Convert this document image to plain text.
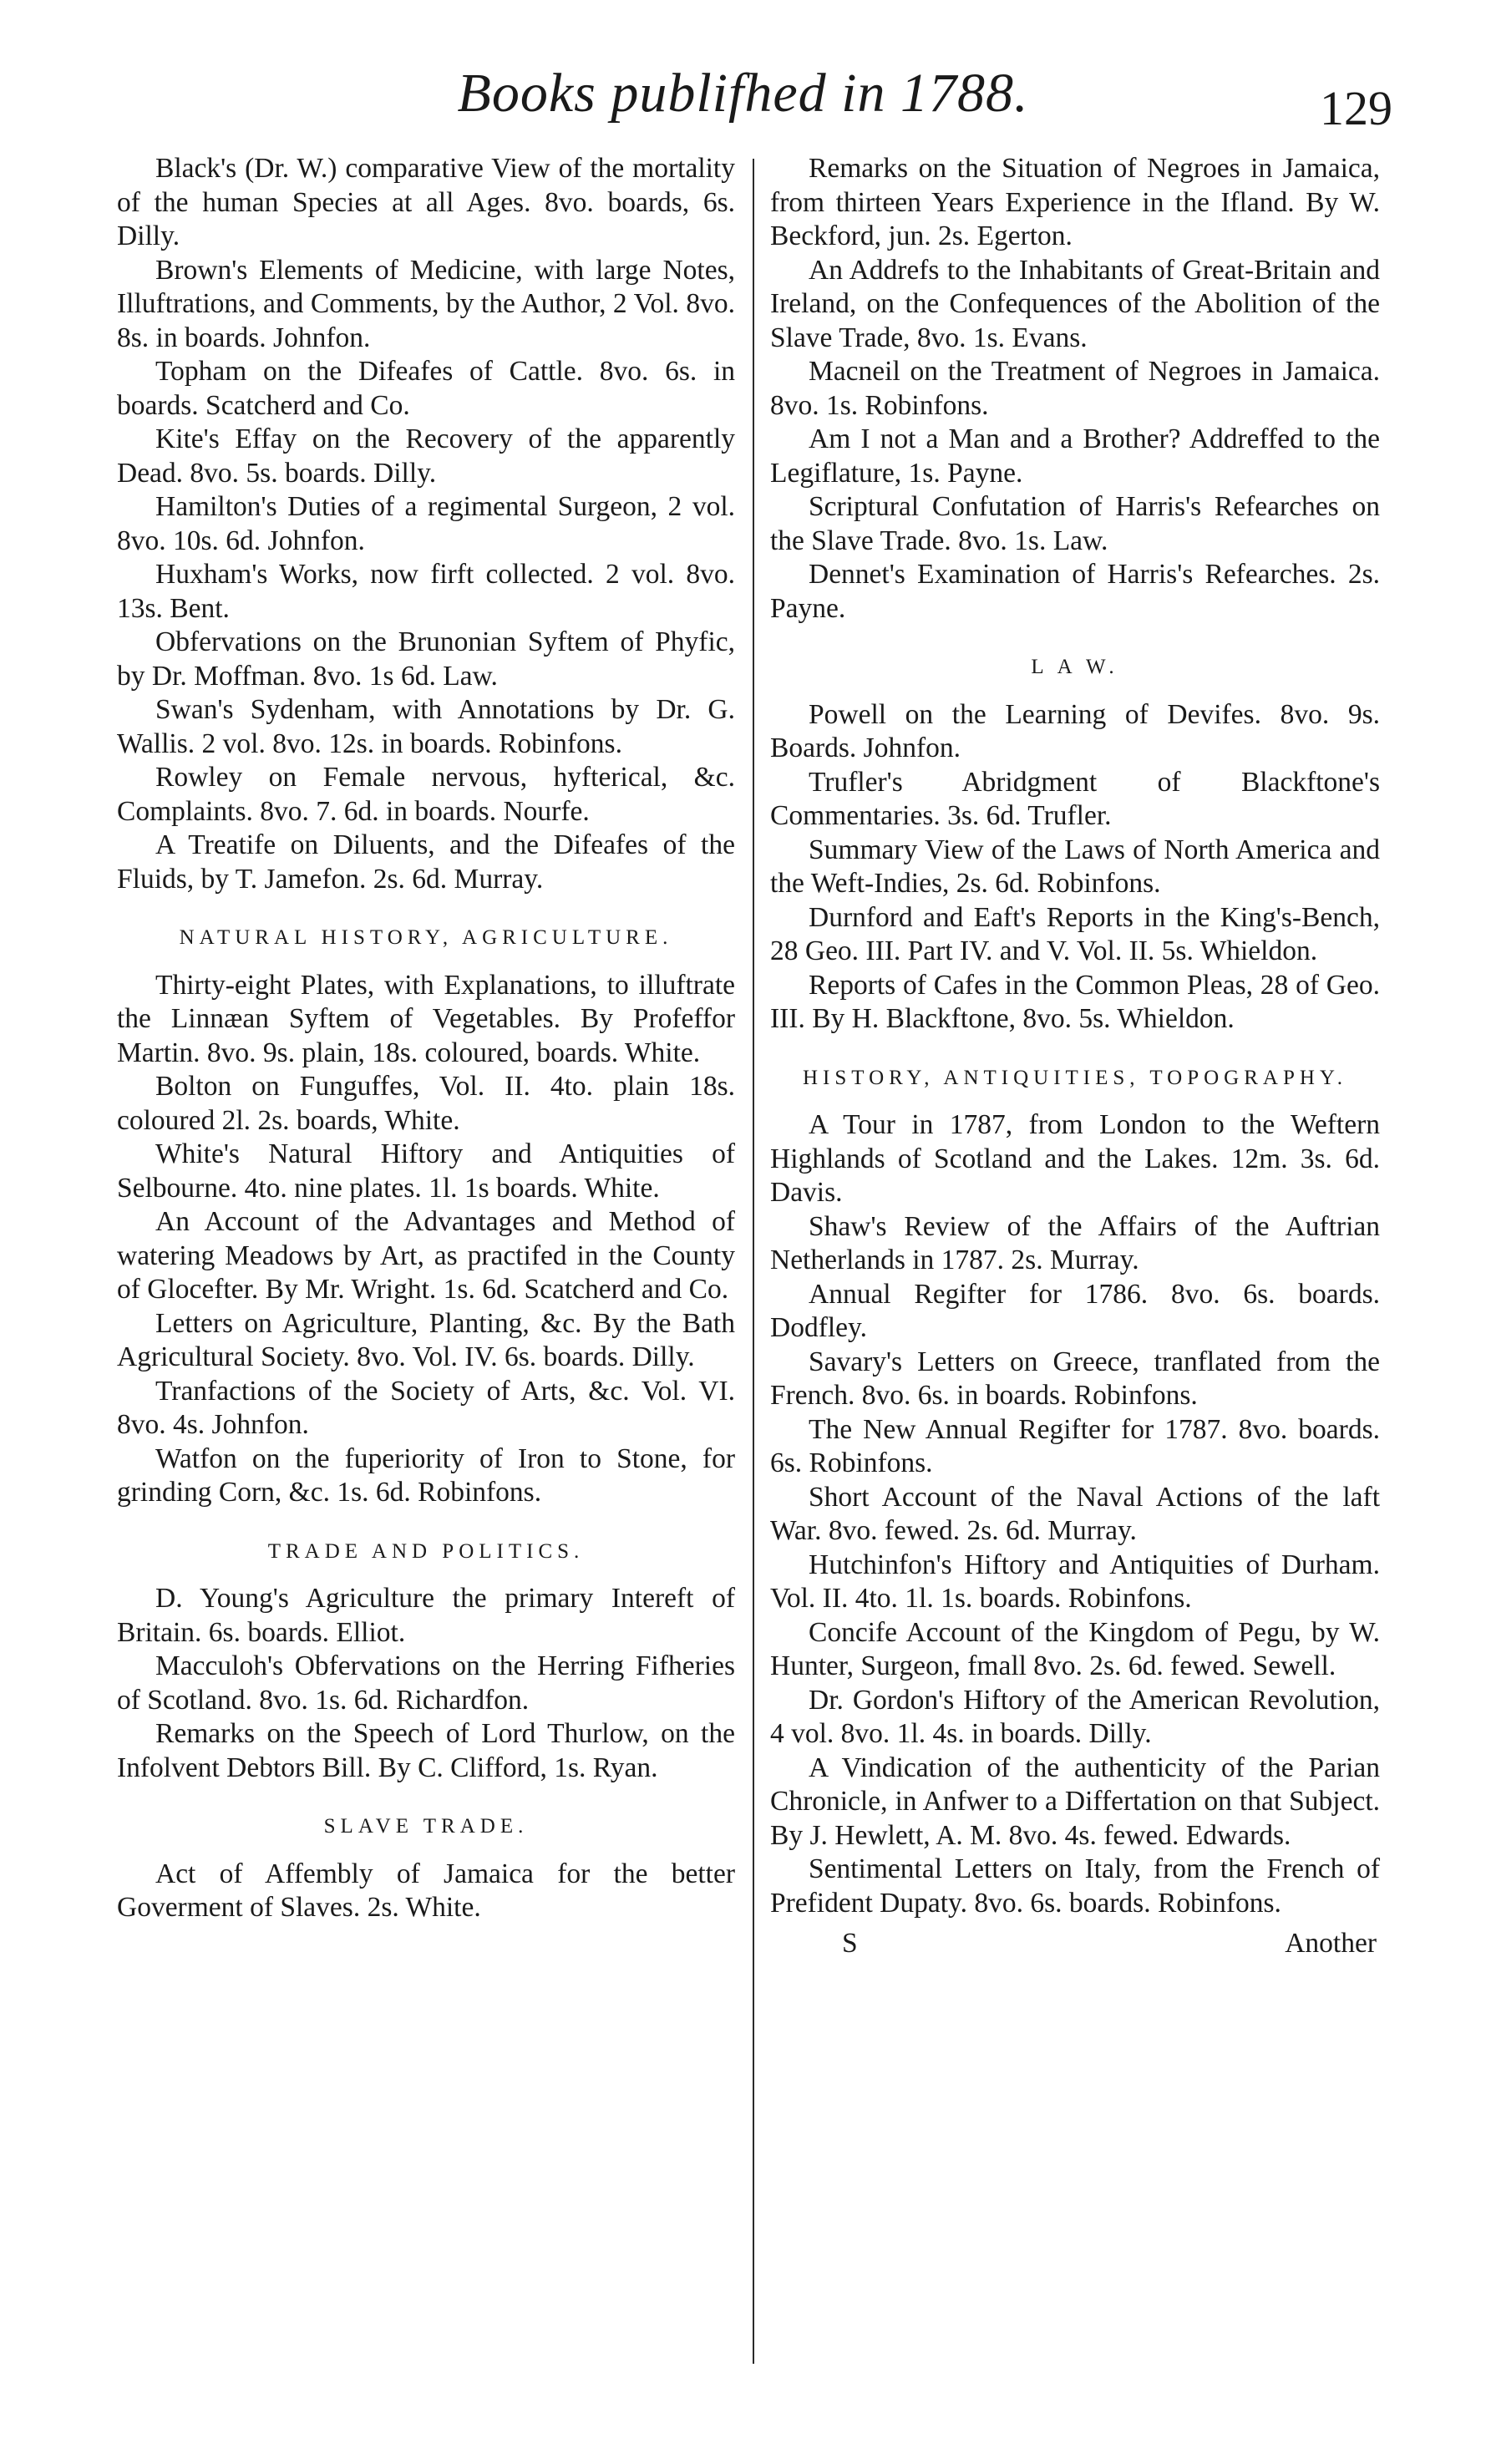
Books publifhed in 1788.	129

Black's (Dr. W.) comparative View of the mortality of the human Species at all Ages. 8vo. boards, 6s. Dilly.

Brown's Elements of Medicine, with large Notes, Illuftrations, and Comments, by the Author, 2 Vol. 8vo. 8s. in boards. Johnfon.

Topham on the Difeafes of Cattle. 8vo. 6s. in boards. Scatcherd and Co.

Kite's Effay on the Recovery of the apparently Dead. 8vo. 5s. boards. Dilly.

Hamilton's Duties of a regimental Surgeon, 2 vol. 8vo. 10s. 6d. Johnfon.

Huxham's Works, now firft collected. 2 vol. 8vo. 13s. Bent.

Obfervations on the Brunonian Syftem of Phyfic, by Dr. Moffman. 8vo. 1s 6d. Law.

Swan's Sydenham, with Annotations by Dr. G. Wallis. 2 vol. 8vo. 12s. in boards. Robinfons.

Rowley on Female nervous, hyfterical, &c. Complaints. 8vo. 7. 6d. in boards. Nourfe.

A Treatife on Diluents, and the Difeafes of the Fluids, by T. Jamefon. 2s. 6d. Murray.

NATURAL HISTORY, AGRICULTURE.

Thirty-eight Plates, with Explanations, to illuftrate the Linnæan Syftem of Vegetables. By Profeffor Martin. 8vo. 9s. plain, 18s. coloured, boards. White.

Bolton on Funguffes, Vol. II. 4to. plain 18s. coloured 2l. 2s. boards, White.

White's Natural Hiftory and Antiquities of Selbourne. 4to. nine plates. 1l. 1s boards. White.

An Account of the Advantages and Method of watering Meadows by Art, as practifed in the County of Glocefter. By Mr. Wright. 1s. 6d. Scatcherd and Co.

Letters on Agriculture, Planting, &c. By the Bath Agricultural Society. 8vo. Vol. IV. 6s. boards. Dilly.

Tranfactions of the Society of Arts, &c. Vol. VI. 8vo. 4s. Johnfon.

Watfon on the fuperiority of Iron to Stone, for grinding Corn, &c. 1s. 6d. Robinfons.

TRADE AND POLITICS.

D. Young's Agriculture the primary Intereft of Britain. 6s. boards. Elliot.

Macculoh's Obfervations on the Herring Fifheries of Scotland. 8vo. 1s. 6d. Richardfon.

Remarks on the Speech of Lord Thurlow, on the Infolvent Debtors Bill. By C. Clifford, 1s. Ryan.

SLAVE TRADE.

Act of Affembly of Jamaica for the better Goverment of Slaves. 2s. White.

Remarks on the Situation of Negroes in Jamaica, from thirteen Years Experience in the Ifland. By W. Beckford, jun. 2s. Egerton.

An Addrefs to the Inhabitants of Great-Britain and Ireland, on the Confequences of the Abolition of the Slave Trade, 8vo. 1s. Evans.

Macneil on the Treatment of Negroes in Jamaica. 8vo. 1s. Robinfons.

Am I not a Man and a Brother? Addreffed to the Legiflature, 1s. Payne.

Scriptural Confutation of Harris's Refearches on the Slave Trade. 8vo. 1s. Law.

Dennet's Examination of Harris's Refearches. 2s. Payne.

L A W.

Powell on the Learning of Devifes. 8vo. 9s. Boards. Johnfon.

Trufler's Abridgment of Blackftone's Commentaries. 3s. 6d. Trufler.

Summary View of the Laws of North America and the Weft-Indies, 2s. 6d. Robinfons.

Durnford and Eaft's Reports in the King's-Bench, 28 Geo. III. Part IV. and V. Vol. II. 5s. Whieldon.

Reports of Cafes in the Common Pleas, 28 of Geo. III. By H. Blackftone, 8vo. 5s. Whieldon.

HISTORY, ANTIQUITIES, TOPOGRAPHY.

A Tour in 1787, from London to the Weftern Highlands of Scotland and the Lakes. 12m. 3s. 6d. Davis.

Shaw's Review of the Affairs of the Auftrian Netherlands in 1787. 2s. Murray.

Annual Regifter for 1786. 8vo. 6s. boards. Dodfley.

Savary's Letters on Greece, tranflated from the French. 8vo. 6s. in boards. Robinfons.

The New Annual Regifter for 1787. 8vo. boards. 6s. Robinfons.

Short Account of the Naval Actions of the laft War. 8vo. fewed. 2s. 6d. Murray.

Hutchinfon's Hiftory and Antiquities of Durham. Vol. II. 4to. 1l. 1s. boards. Robinfons.

Concife Account of the Kingdom of Pegu, by W. Hunter, Surgeon, fmall 8vo. 2s. 6d. fewed. Sewell.

Dr. Gordon's Hiftory of the American Revolution, 4 vol. 8vo. 1l. 4s. in boards. Dilly.

A Vindication of the authenticity of the Parian Chronicle, in Anfwer to a Differtation on that Subject. By J. Hewlett, A. M. 8vo. 4s. fewed. Edwards.

Sentimental Letters on Italy, from the French of Prefident Dupaty. 8vo. 6s. boards. Robinfons.

S	Another
